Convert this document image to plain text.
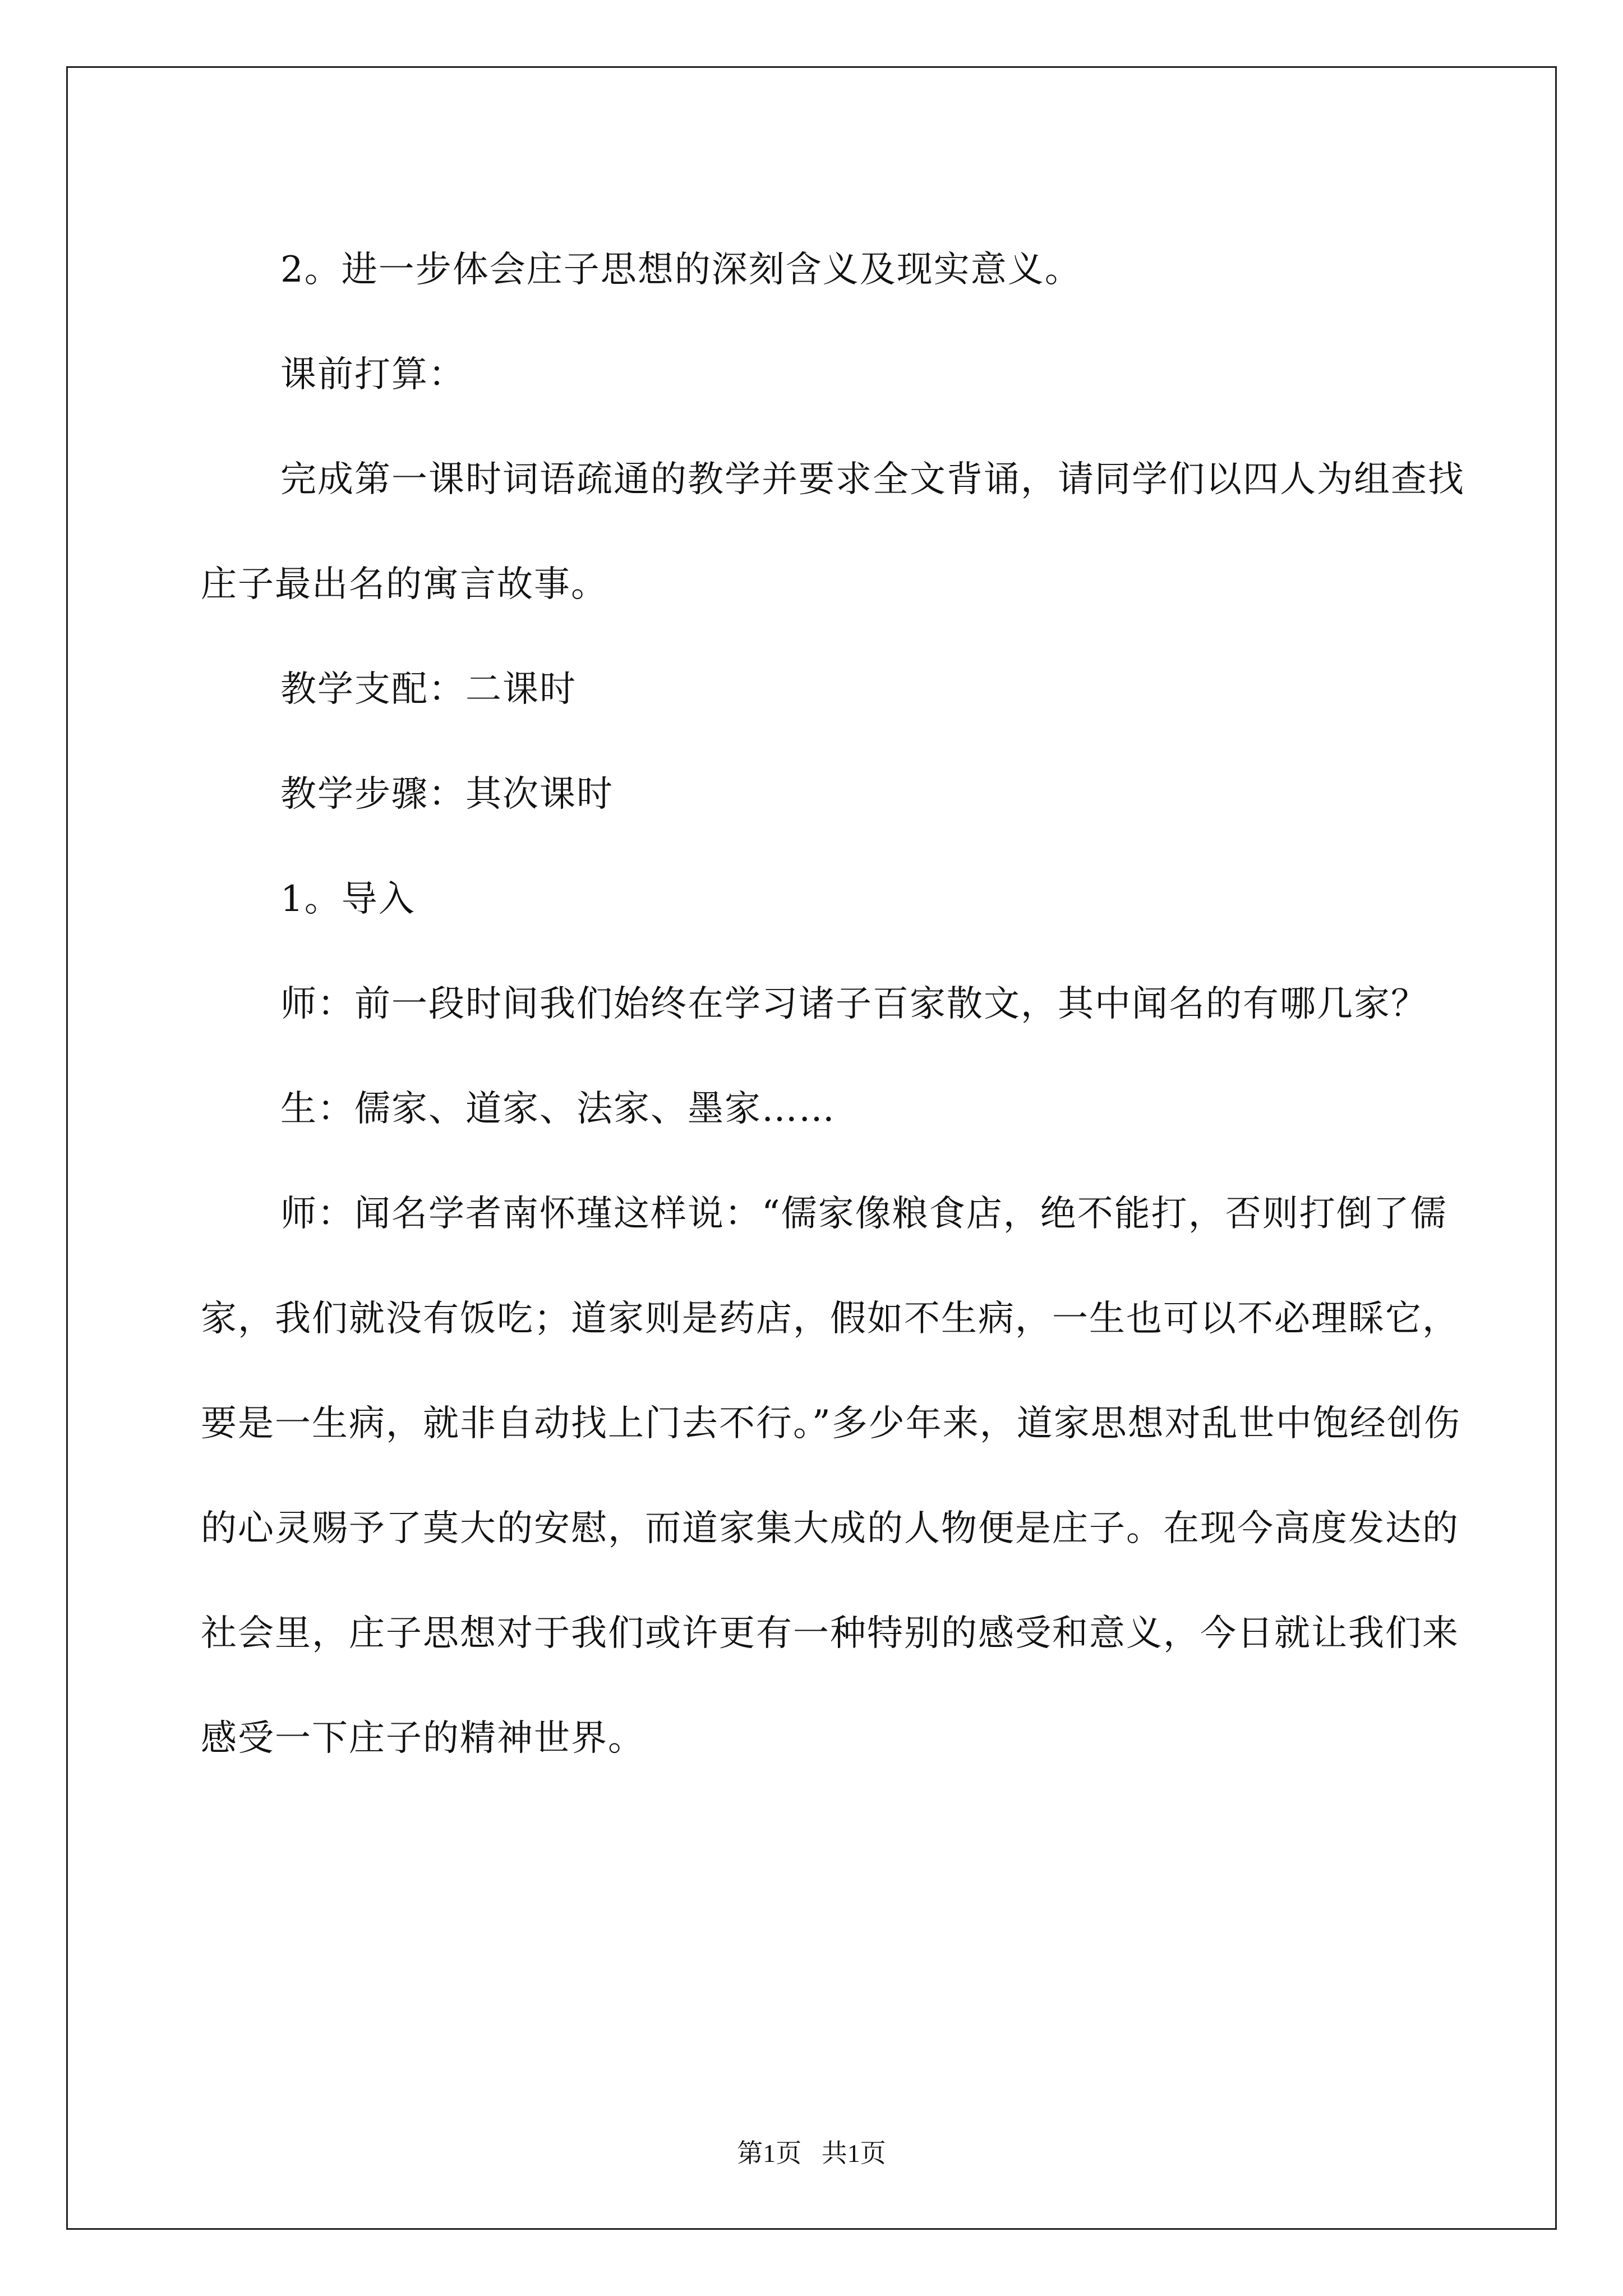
2。进一步体会庄子思想的深刻含义及现实意义。

课前打算：

完成第一课时词语疏通的教学并要求全文背诵，请同学们以四人为组查找庄子最出名的寓言故事。

教学支配：二课时

教学步骤：其次课时

1。导入

师：前一段时间我们始终在学习诸子百家散文，其中闻名的有哪几家？

生：儒家、道家、法家、墨家……

师：闻名学者南怀瑾这样说：“儒家像粮食店，绝不能打，否则打倒了儒家，我们就没有饭吃；道家则是药店，假如不生病，一生也可以不必理睬它，要是一生病，就非自动找上门去不行。”多少年来，道家思想对乱世中饱经创伤的心灵赐予了莫大的安慰，而道家集大成的人物便是庄子。在现今高度发达的社会里，庄子思想对于我们或许更有一种特别的感受和意义，今日就让我们来感受一下庄子的精神世界。

第1页 共1页
